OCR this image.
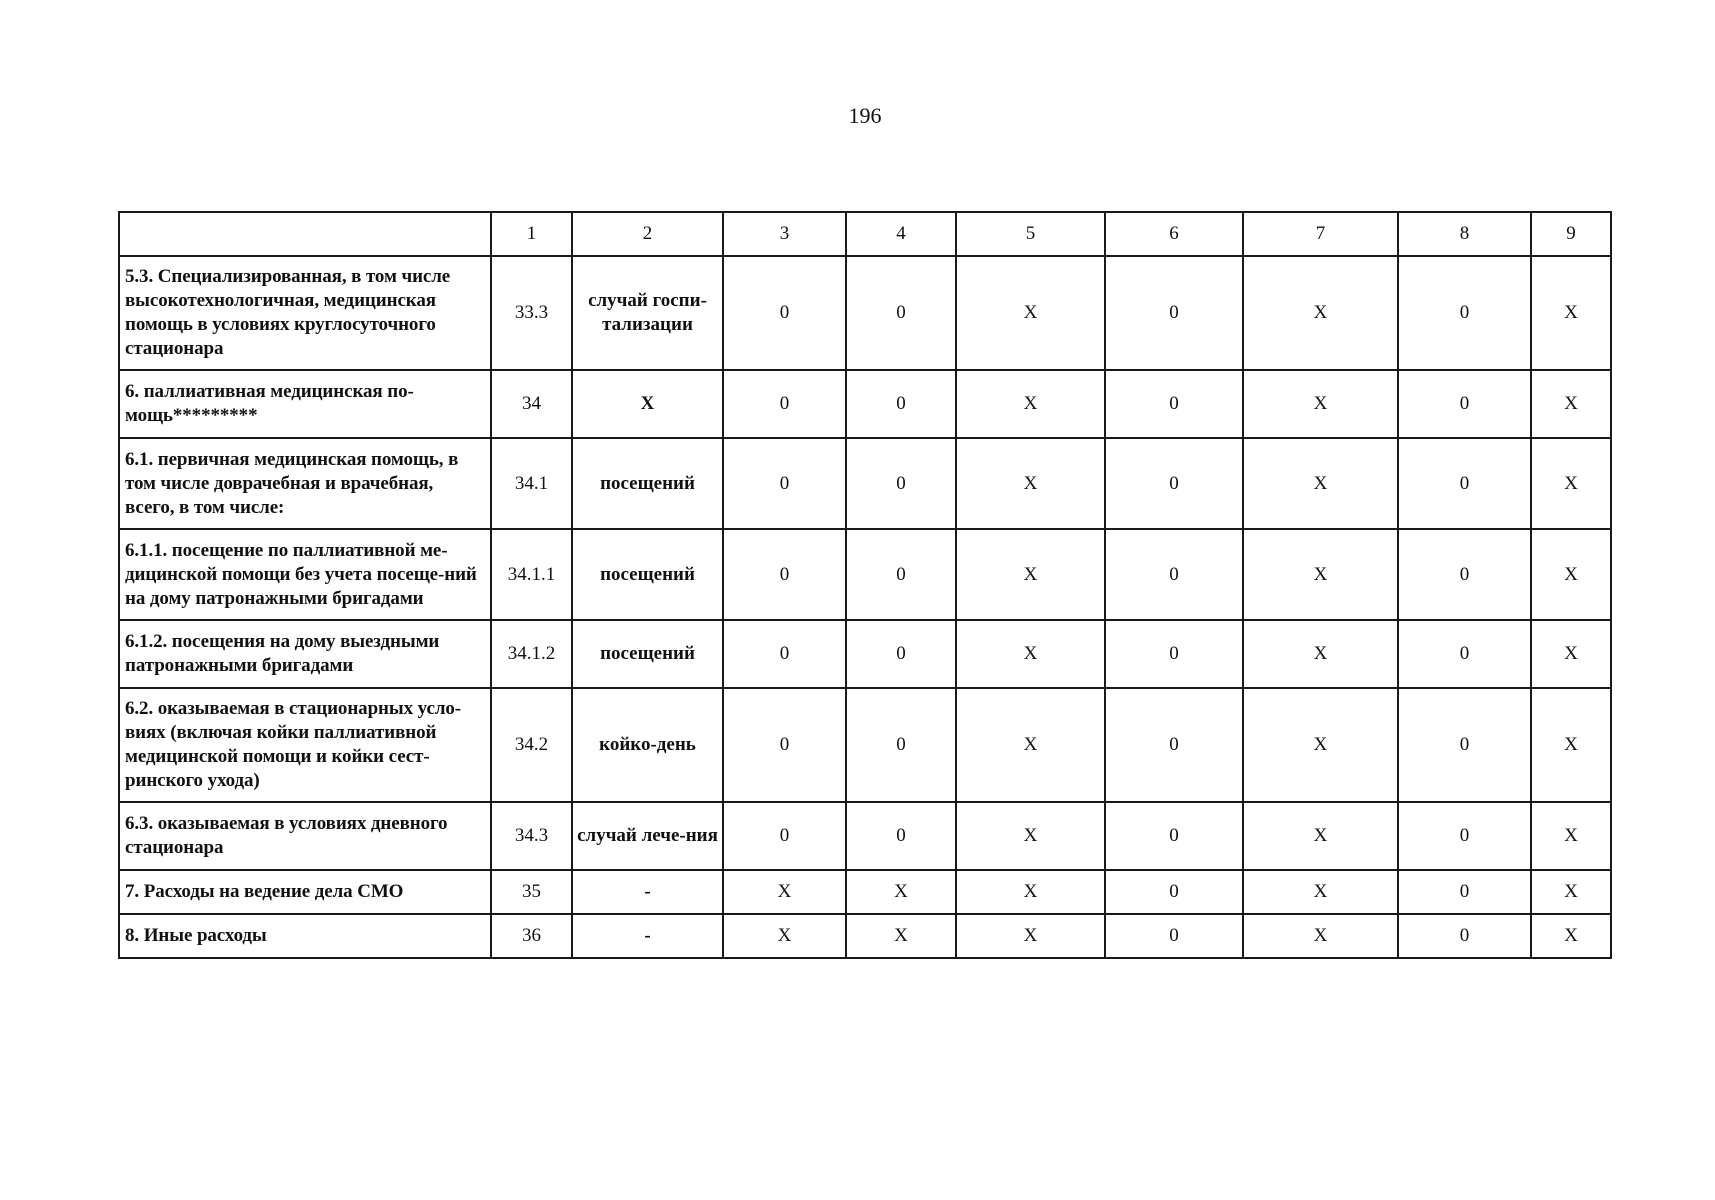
196
	1	2	3	4	5	6	7	8	9
5.3. Специализированная, в том числе высокотехнологичная, медицинская помощь в условиях круглосуточного стационара	33.3	случай госпи-тализации	0	0	X	0	X	0	X
6. паллиативная медицинская по-мощь*********	34	X	0	0	X	0	X	0	X
6.1. первичная медицинская помощь, в том числе доврачебная и врачебная, всего, в том числе:	34.1	посещений	0	0	X	0	X	0	X
6.1.1. посещение по паллиативной ме-дицинской помощи без учета посеще-ний на дому патронажными бригадами	34.1.1	посещений	0	0	X	0	X	0	X
6.1.2. посещения на дому выездными патронажными бригадами	34.1.2	посещений	0	0	X	0	X	0	X
6.2. оказываемая в стационарных усло-виях (включая койки паллиативной медицинской помощи и койки сест-ринского ухода)	34.2	койко-день	0	0	X	0	X	0	X
6.3. оказываемая в условиях дневного стационара	34.3	случай лече-ния	0	0	X	0	X	0	X
7. Расходы на ведение дела СМО	35	-	X	X	X	0	X	0	X
8. Иные расходы	36	-	X	X	X	0	X	0	X
